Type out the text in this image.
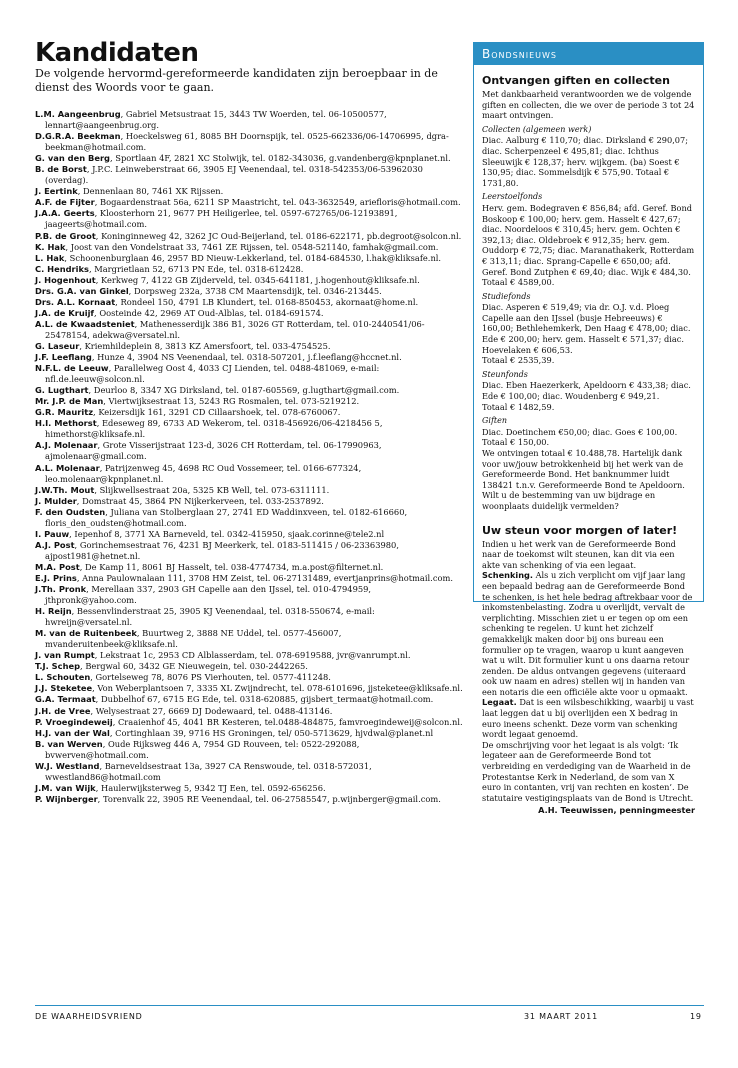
Kandidaten
De volgende hervormd-gereformeerde kandidaten zijn beroepbaar in de dienst des Woords voor te gaan.

L.M. Aangeenbrug, Gabriel Metsustraat 15, 3443 TW Woerden, tel. 06-10500577, lennart@aangeenbrug.org.

D.G.R.A. Beekman, Hoeckelsweg 61, 8085 BH Doornspijk, tel. 0525-662336/06-14706995, dgra-beekman@hotmail.com.

G. van den Berg, Sportlaan 4F, 2821 XC Stolwijk, tel. 0182-343036, g.vandenberg@kpnplanet.nl.

B. de Borst, J.P.C. Leinweberstraat 66, 3905 EJ Veenendaal, tel. 0318-542353/06-53962030 (overdag).

J. Eertink, Dennenlaan 80, 7461 XK Rijssen.

A.F. de Fijter, Bogaardenstraat 56a, 6211 SP Maastricht, tel. 043-3632549, ariefloris@hotmail.com.

J.A.A. Geerts, Kloosterhorn 21, 9677 PH Heiligerlee, tel. 0597-672765/06-12193891, jaageerts@hotmail.com.

P.B. de Groot, Koninginneweg 42, 3262 JC Oud-Beijerland, tel. 0186-622171, pb.degroot@solcon.nl.

K. Hak, Joost van den Vondelstraat 33, 7461 ZE Rijssen, tel. 0548-521140, famhak@gmail.com.

L. Hak, Schoonenburglaan 46, 2957 BD Nieuw-Lekkerland, tel. 0184-684530, l.hak@kliksafe.nl.

C. Hendriks, Margrietlaan 52, 6713 PN Ede, tel. 0318-612428.

J. Hogenhout, Kerkweg 7, 4122 GB Zijderveld, tel. 0345-641181, j.hogenhout@kliksafe.nl.

Drs. G.A. van Ginkel, Dorpsweg 232a, 3738 CM Maartensdijk, tel. 0346-213445.

Drs. A.L. Kornaat, Rondeel 150, 4791 LB Klundert, tel. 0168-850453, akornaat@home.nl.

J.A. de Kruijf, Oosteinde 42, 2969 AT Oud-Alblas, tel. 0184-691574.

A.L. de Kwaadsteniet, Mathenesserdijk 386 B1, 3026 GT Rotterdam, tel. 010-2440541/06-25478154, adekwa@versatel.nl.

G. Laseur, Kriemhildeplein 8, 3813 KZ Amersfoort, tel. 033-4754525.

J.F. Leeflang, Hunze 4, 3904 NS Veenendaal, tel. 0318-507201, j.f.leeflang@hccnet.nl.

N.F.L. de Leeuw, Parallelweg Oost 4, 4033 CJ Lienden, tel. 0488-481069, e-mail: nfl.de.leeuw@solcon.nl.

G. Lugthart, Deurloo 8, 3347 XG Dirksland, tel. 0187-605569, g.lugthart@gmail.com.

Mr. J.P. de Man, Viertwijksestraat 13, 5243 RG Rosmalen, tel. 073-5219212.

G.R. Mauritz, Keizersdijk 161, 3291 CD Cillaarshoek, tel. 078-6760067.

H.I. Methorst, Edeseweg 89, 6733 AD Wekerom, tel. 0318-456926/06-4218456 5, himethorst@kliksafe.nl.

A.J. Molenaar, Grote Visserijstraat 123-d, 3026 CH Rotterdam, tel. 06-17990963, ajmolenaar@gmail.com.

A.L. Molenaar, Patrijzenweg 45, 4698 RC Oud Vossemeer, tel. 0166-677324, leo.molenaar@kpnplanet.nl.

J.W.Th. Mout, Slijkwellsestraat 20a, 5325 KB Well, tel. 073-6311111.

J. Mulder, Domstraat 45, 3864 PN Nijkerkerveen, tel. 033-2537892.

F. den Oudsten, Juliana van Stolberglaan 27, 2741 ED Waddinxveen, tel. 0182-616660, floris_den_oudsten@hotmail.com.

I. Pauw, Iepenhof 8, 3771 XA Barneveld, tel. 0342-415950, sjaak.corinne@tele2.nl

A.J. Post, Gorinchemsestraat 76, 4231 BJ Meerkerk, tel. 0183-511415 / 06-23363980, ajpost1981@hetnet.nl.

M.A. Post, De Kamp 11, 8061 BJ Hasselt, tel. 038-4774734, m.a.post@filternet.nl.

E.J. Prins, Anna Paulownalaan 111, 3708 HM Zeist, tel. 06-27131489, evertjanprins@hotmail.com.

J.Th. Pronk, Merellaan 337, 2903 GH Capelle aan den IJssel, tel. 010-4794959, jthpronk@yahoo.com.

H. Reijn, Bessenvlinderstraat 25, 3905 KJ Veenendaal, tel. 0318-550674, e-mail: hwreijn@versatel.nl.

M. van de Ruitenbeek, Buurtweg 2, 3888 NE Uddel, tel. 0577-456007, mvanderuitenbeek@kliksafe.nl.

J. van Rumpt, Lekstraat 1c, 2953 CD Alblasserdam, tel. 078-6919588, jvr@vanrumpt.nl.

T.J. Schep, Bergwal 60, 3432 GE Nieuwegein, tel. 030-2442265.

L. Schouten, Gortelseweg 78, 8076 PS Vierhouten, tel. 0577-411248.

J.J. Steketee, Von Weberplantsoen 7, 3335 XL Zwijndrecht, tel. 078-6101696, jjsteketee@kliksafe.nl.

G.A. Termaat, Dubbelhof 67, 6715 EG Ede, tel. 0318-620885, gijsbert_termaat@hotmail.com.

J.H. de Vree, Welysestraat 27, 6669 DJ Dodewaard, tel. 0488-413146.

P. Vroegindeweij, Craaienhof 45, 4041 BR Kesteren, tel.0488-484875, famvroegindeweij@solcon.nl.

H.J. van der Wal, Cortinghlaan 39, 9716 HS Groningen, tel/ 050-5713629, hjvdwal@planet.nl

B. van Werven, Oude Rijksweg 446 A, 7954 GD Rouveen, tel: 0522-292088, bvwerven@hotmail.com.

W.J. Westland, Barneveldsestraat 13a, 3927 CA Renswoude, tel. 0318-572031, wwestland86@hotmail.com

J.M. van Wijk, Haulerwijksterweg 5, 9342 TJ Een, tel. 0592-656256.

P. Wijnberger, Torenvalk 22, 3905 RE Veenendaal, tel. 06-27585547, p.wijnberger@gmail.com.

Bondsnieuws
Ontvangen giften en collecten

Met dankbaarheid verantwoorden we de volgende giften en collecten, die we over de periode 3 tot 24 maart ontvingen.

Collecten (algemeen werk)

Diac. Aalburg € 110,70; diac. Dirksland € 290,07; diac. Scherpenzeel € 495,81; diac. Ichthus Sleeuwijk € 128,37; herv. wijkgem. (ba) Soest € 130,95; diac. Sommelsdijk € 575,90. Totaal € 1731,80.

Leerstoelfonds

Herv. gem. Bodegraven € 856,84; afd. Geref. Bond Boskoop € 100,00; herv. gem. Hasselt € 427,67; diac. Noordeloos € 310,45; herv. gem. Ochten € 392,13; diac. Oldebroek € 912,35; herv. gem. Ouddorp € 72,75; diac. Maranathakerk, Rotterdam € 313,11; diac. Sprang-Capelle € 650,00; afd. Geref. Bond Zutphen € 69,40; diac. Wijk € 484,30.

Totaal € 4589,00.

Studiefonds

Diac. Asperen € 519,49; via dr. O.J. v.d. Ploeg Capelle aan den IJssel (busje Hebreeuws) € 160,00; Bethlehemkerk, Den Haag € 478,00; diac. Ede € 200,00; herv. gem. Hasselt € 571,37; diac. Hoevelaken € 606,53.

Totaal € 2535,39.

Steunfonds

Diac. Eben Haezerkerk, Apeldoorn € 433,38; diac. Ede € 100,00; diac. Woudenberg € 949,21.

Totaal € 1482,59.

Giften

Diac. Doetinchem €50,00; diac. Goes € 100,00.

Totaal € 150,00.

We ontvingen totaal € 10.488,78. Hartelijk dank voor uw/jouw betrokkenheid bij het werk van de Gereformeerde Bond. Het banknummer luidt 138421 t.n.v. Gereformeerde Bond te Apeldoorn. Wilt u de bestemming van uw bijdrage en woonplaats duidelijk vermelden?

Uw steun voor morgen of later!

Indien u het werk van de Gereformeerde Bond naar de toekomst wilt steunen, kan dit via een akte van schenking of via een legaat.

Schenking. Als u zich verplicht om vijf jaar lang een bepaald bedrag aan de Gereformeerde Bond te schenken, is het hele bedrag aftrekbaar voor de inkomstenbelasting. Zodra u overlijdt, vervalt de verplichting. Misschien ziet u er tegen op om een schenking te regelen. U kunt het zichzelf gemakkelijk maken door bij ons bureau een formulier op te vragen, waarop u kunt aangeven wat u wilt. Dit formulier kunt u ons daarna retour zenden. De aldus ontvangen gegevens (uiteraard ook uw naam en adres) stellen wij in handen van een notaris die een officiële akte voor u opmaakt.

Legaat. Dat is een wilsbeschikking, waarbij u vast laat leggen dat u bij overlijden een X bedrag in euro ineens schenkt. Deze vorm van schenking wordt legaat genoemd.

De omschrijving voor het legaat is als volgt: ‘Ik legateer aan de Gereformeerde Bond tot verbreiding en verdediging van de Waarheid in de Protestantse Kerk in Nederland, de som van X euro in contanten, vrij van rechten en kosten’. De statutaire vestigingsplaats van de Bond is Utrecht.

A.H. Teeuwissen, penningmeester

DE WAARHEIDSVRIEND	31 MAART 2011	19
